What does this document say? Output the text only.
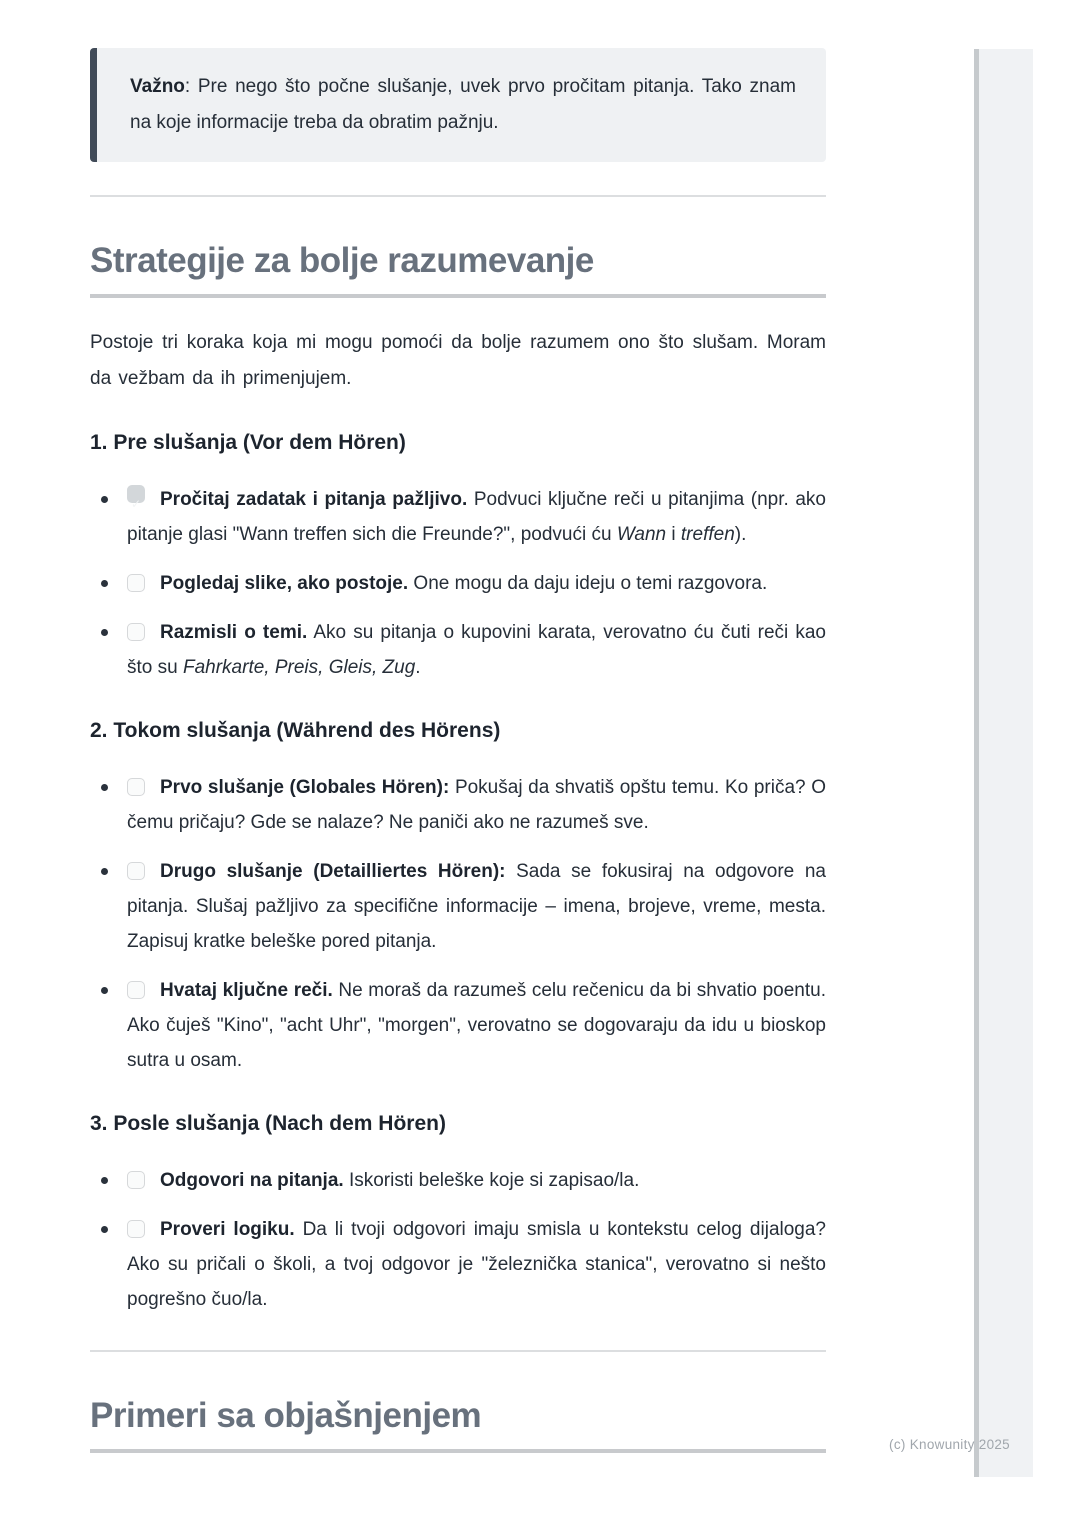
Važno: Pre nego što počne slušanje, uvek prvo pročitam pitanja. Tako znam na koje informacije treba da obratim pažnju.
Strategije za bolje razumevanje

Postoje tri koraka koja mi mogu pomoći da bolje razumem ono što slušam. Moram da vežbam da ih primenjujem.

1. Pre slušanja (Vor dem Hören)
✓ Pročitaj zadatak i pitanja pažljivo. Podvuci ključne reči u pitanjima (npr. ako pitanje glasi "Wann treffen sich die Freunde?", podvući ću Wann i treffen).
Pogledaj slike, ako postoje. One mogu da daju ideju o temi razgovora.
Razmisli o temi. Ako su pitanja o kupovini karata, verovatno ću čuti reči kao što su Fahrkarte, Preis, Gleis, Zug.
2. Tokom slušanja (Während des Hörens)
Prvo slušanje (Globales Hören): Pokušaj da shvatiš opštu temu. Ko priča? O čemu pričaju? Gde se nalaze? Ne paniči ako ne razumeš sve.
Drugo slušanje (Detailliertes Hören): Sada se fokusiraj na odgovore na pitanja. Slušaj pažljivo za specifične informacije – imena, brojeve, vreme, mesta. Zapisuj kratke beleške pored pitanja.
Hvataj ključne reči. Ne moraš da razumeš celu rečenicu da bi shvatio poentu. Ako čuješ "Kino", "acht Uhr", "morgen", verovatno se dogovaraju da idu u bioskop sutra u osam.
3. Posle slušanja (Nach dem Hören)
Odgovori na pitanja. Iskoristi beleške koje si zapisao/la.
Proveri logiku. Da li tvoji odgovori imaju smisla u kontekstu celog dijaloga? Ako su pričali o školi, a tvoj odgovor je "železnička stanica", verovatno si nešto pogrešno čuo/la.
Primeri sa objašnjenjem
(c) Knowunity 2025
